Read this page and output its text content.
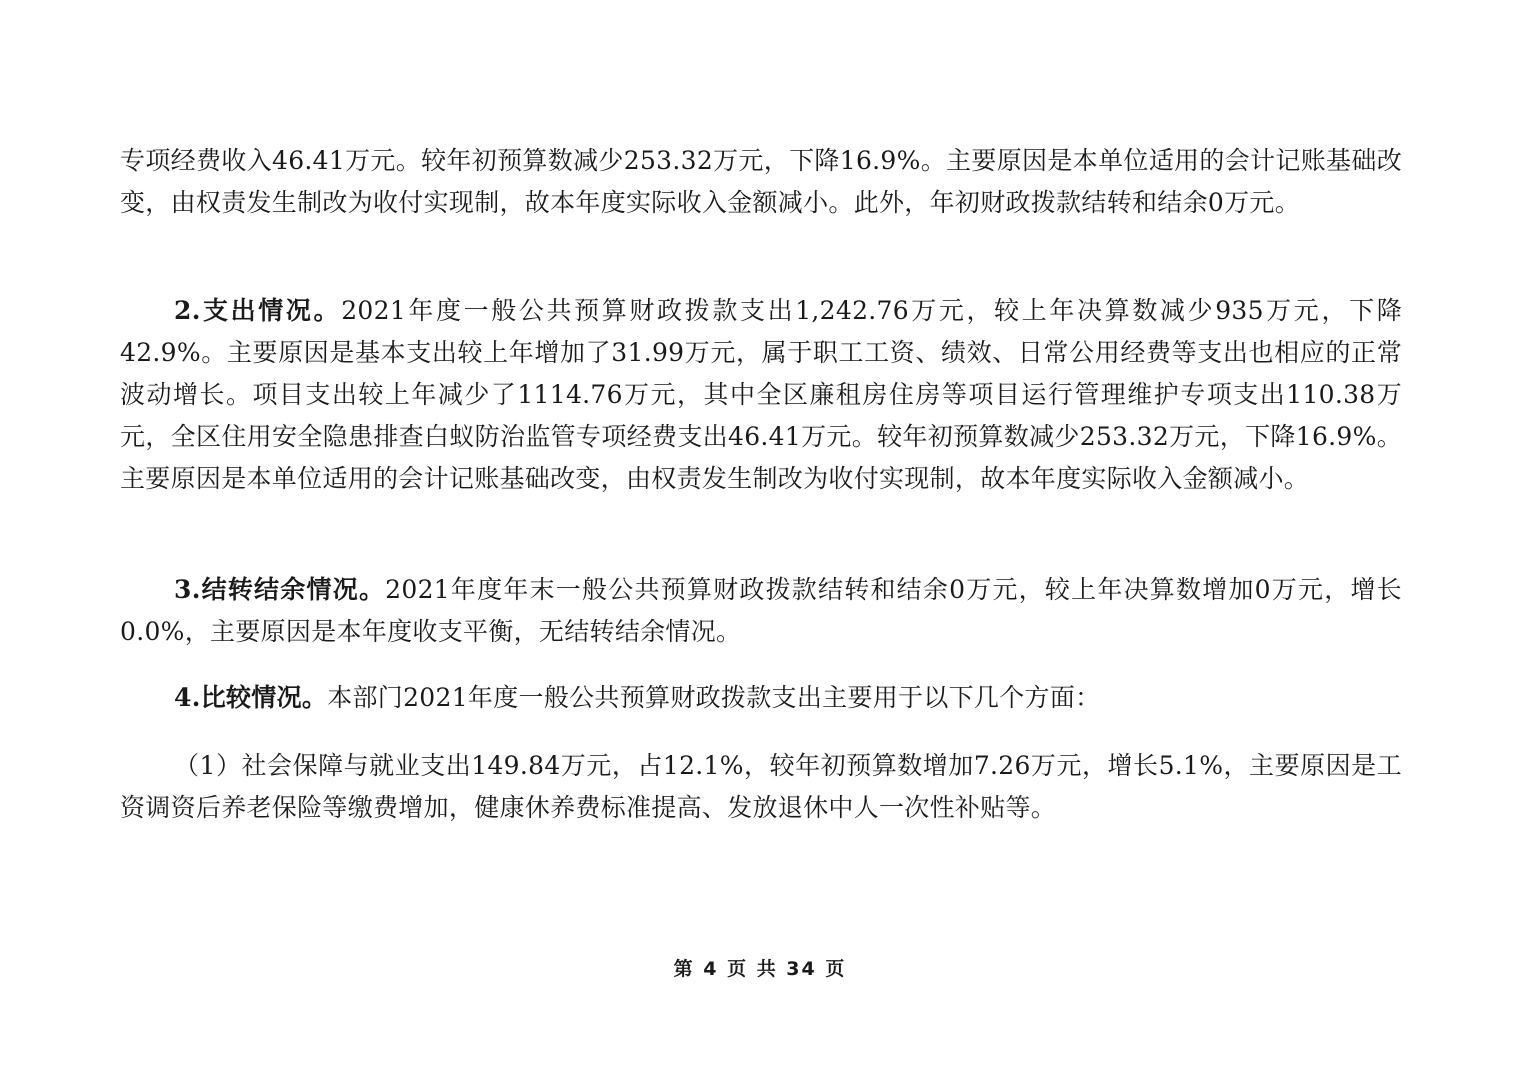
专项经费收入46.41万元。较年初预算数减少253.32万元，下降16.9%。主要原因是本单位适用的会计记账基础改变，由权责发生制改为收付实现制，故本年度实际收入金额减小。此外，年初财政拨款结转和结余0万元。

2.支出情况。2021年度一般公共预算财政拨款支出1,242.76万元，较上年决算数减少935万元，下降42.9%。主要原因是基本支出较上年增加了31.99万元，属于职工工资、绩效、日常公用经费等支出也相应的正常波动增长。项目支出较上年减少了1114.76万元，其中全区廉租房住房等项目运行管理维护专项支出110.38万元，全区住用安全隐患排查白蚁防治监管专项经费支出46.41万元。较年初预算数减少253.32万元，下降16.9%。主要原因是本单位适用的会计记账基础改变，由权责发生制改为收付实现制，故本年度实际收入金额减小。

3.结转结余情况。2021年度年末一般公共预算财政拨款结转和结余0万元，较上年决算数增加0万元，增长0.0%，主要原因是本年度收支平衡，无结转结余情况。

4.比较情况。本部门2021年度一般公共预算财政拨款支出主要用于以下几个方面：

（1）社会保障与就业支出149.84万元，占12.1%，较年初预算数增加7.26万元，增长5.1%，主要原因是工资调资后养老保险等缴费增加，健康休养费标准提高、发放退休中人一次性补贴等。

第 4 页 共 34 页
